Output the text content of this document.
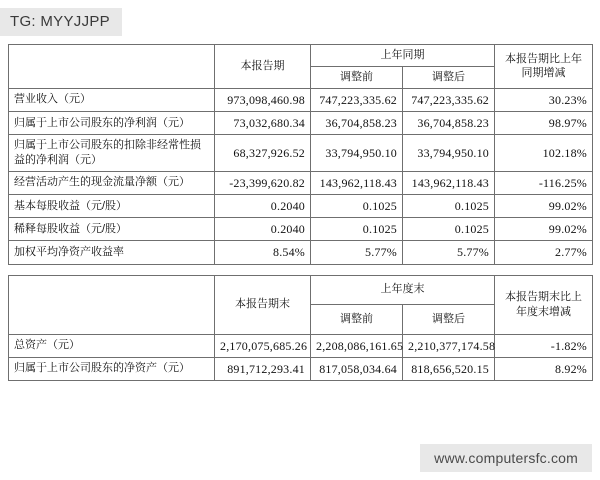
TG: MYYJJPP
	本报告期	上年同期		本报告期比上年同期增减
		调整前	调整后	
营业收入（元）	973,098,460.98	747,223,335.62	747,223,335.62	30.23%
归属于上市公司股东的净利润（元）	73,032,680.34	36,704,858.23	36,704,858.23	98.97%
归属于上市公司股东的扣除非经常性损益的净利润（元）	68,327,926.52	33,794,950.10	33,794,950.10	102.18%
经营活动产生的现金流量净额（元）	-23,399,620.82	143,962,118.43	143,962,118.43	-116.25%
基本每股收益（元/股）	0.2040	0.1025	0.1025	99.02%
稀释每股收益（元/股）	0.2040	0.1025	0.1025	99.02%
加权平均净资产收益率	8.54%	5.77%	5.77%	2.77%
	本报告期末	上年度末		本报告期末比上年度末增减
		调整前	调整后	
总资产（元）	2,170,075,685.26	2,208,086,161.65	2,210,377,174.58	-1.82%
归属于上市公司股东的净资产（元）	891,712,293.41	817,058,034.64	818,656,520.15	8.92%
www.computersfc.com
